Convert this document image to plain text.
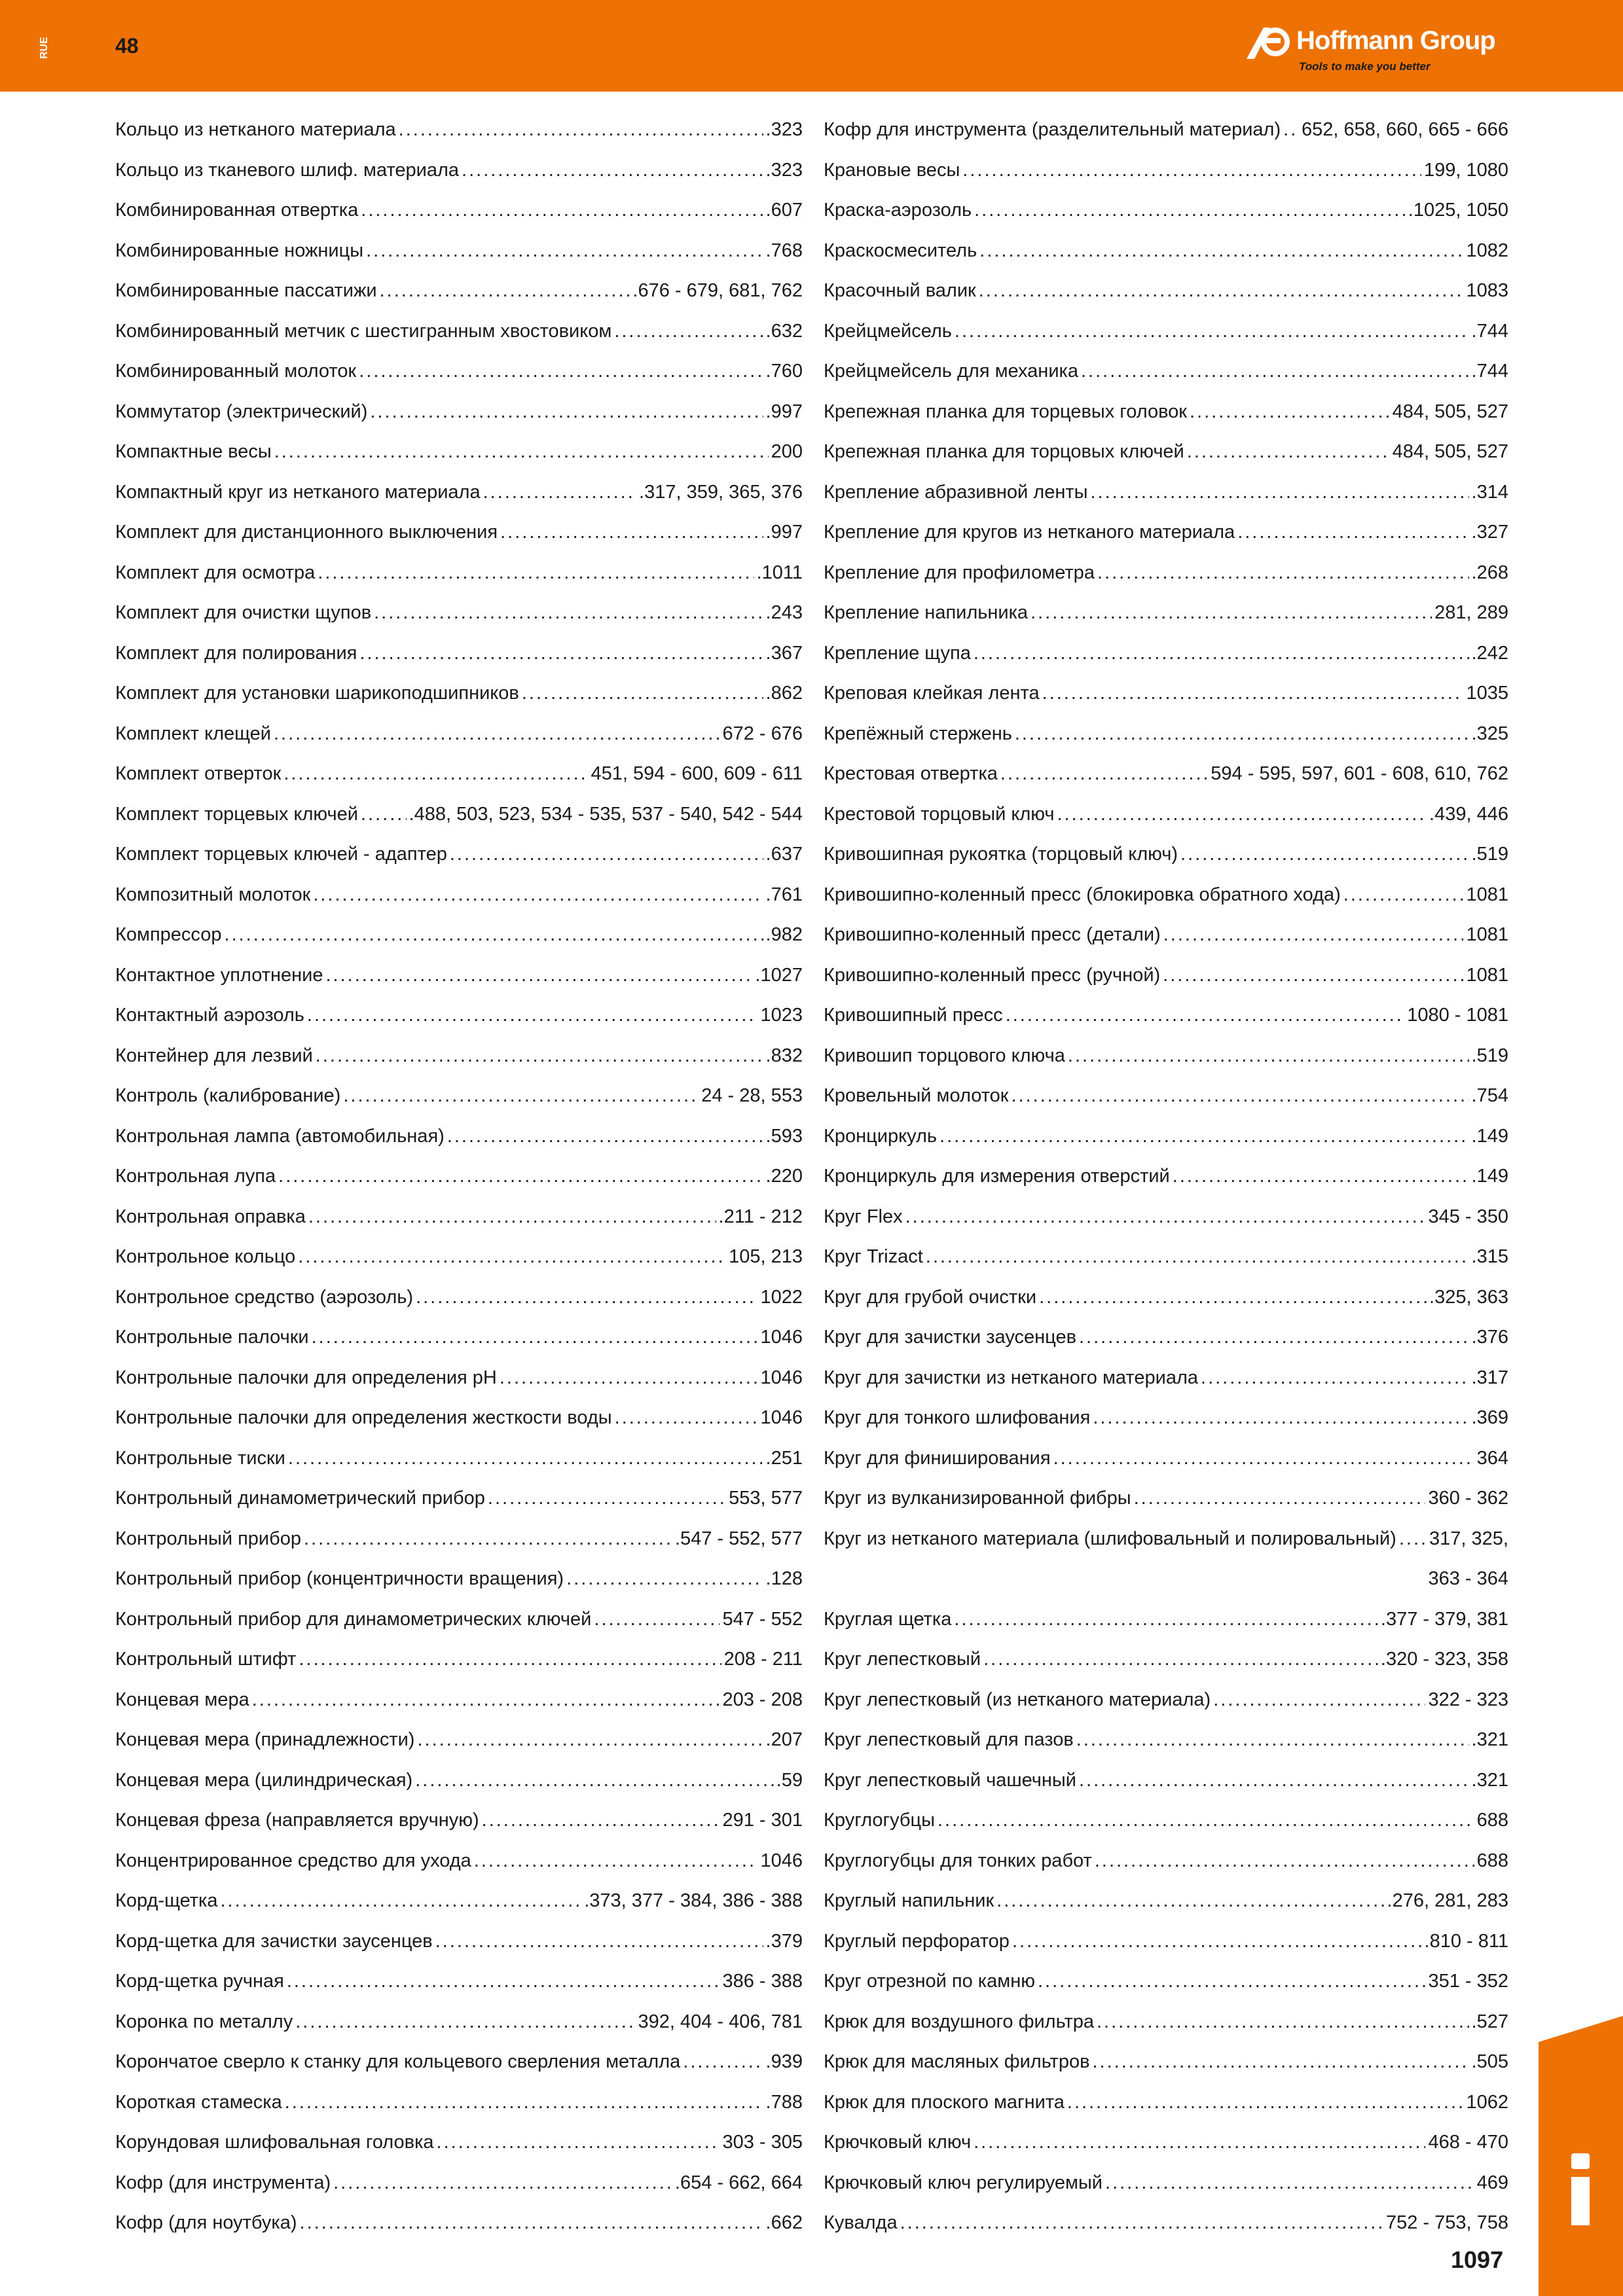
RUE	48	Hoffmann Group
Tools to make you better
Кольцо из нетканого материала .....	.323
Кольцо из тканевого шлиф. материала .....	.323
Комбинированная отвертка .....	.607
Комбинированные ножницы .....	.768
Комбинированные пассатижи .....	.676 - 679, 681, 762
Комбинированный метчик с шестигранным хвостовиком .....	.632
Комбинированный молоток .....	.760
Коммутатор (электрический) .....	.997
Компактные весы .....	200
Компактный круг из нетканого материала .....	.317, 359, 365, 376
Комплект для дистанционного выключения .....	.997
Комплект для осмотра .....	.1011
Комплект для очистки щупов .....	.243
Комплект для полирования .....	.367
Комплект для установки шарикоподшипников .....	.862
Комплект клещей .....	672 - 676
Комплект отверток .....	451, 594 - 600, 609 - 611
Комплект торцевых ключей .....	.488, 503, 523, 534 - 535, 537 - 540, 542 - 544
Комплект торцевых ключей - адаптер .....	.637
Композитный молоток .....	.761
Компрессор .....	.982
Контактное уплотнение .....	.1027
Контактный аэрозоль .....	1023
Контейнер для лезвий .....	.832
Контроль (калибрование) .....	24 - 28, 553
Контрольная лампа (автомобильная) .....	.593
Контрольная лупа .....	.220
Контрольная оправка .....	.211 - 212
Контрольное кольцо .....	105, 213
Контрольное средство (аэрозоль) .....	1022
Контрольные палочки .....	1046
Контрольные палочки для определения pH .....	1046
Контрольные палочки для определения жесткости воды .....	1046
Контрольные тиски .....	.251
Контрольный динамометрический прибор .....	553, 577
Контрольный прибор .....	.547 - 552, 577
Контрольный прибор (концентричности вращения) .....	.128
Контрольный прибор для динамометрических ключей .....	547 - 552
Контрольный штифт .....	208 - 211
Концевая мера .....	203 - 208
Концевая мера (принадлежности) .....	.207
Концевая мера (цилиндрическая) .....	.59
Концевая фреза (направляется вручную) .....	291 - 301
Концентрированное средство для ухода .....	1046
Корд-щетка .....	.373, 377 - 384, 386 - 388
Корд-щетка для зачистки заусенцев .....	.379
Корд-щетка ручная .....	386 - 388
Коронка по металлу .....	392, 404 - 406, 781
Корончатое сверло к станку для кольцевого сверления металла .....	.939
Короткая стамеска .....	.788
Корундовая шлифовальная головка .....	303 - 305
Кофр (для инструмента) .....	.654 - 662, 664
Кофр (для ноутбука) .....	.662
Кофр для инструмента (разделительный материал) ..... 652, 658, 660, 665 - 666
Крановые весы .....	199, 1080
Краска-аэрозоль .....	.1025, 1050
Краскосмеситель .....	1082
Красочный валик .....	1083
Крейцмейсель .....	.744
Крейцмейсель для механика .....	.744
Крепежная планка для торцевых головок .....	484, 505, 527
Крепежная планка для торцовых ключей .....	484, 505, 527
Крепление абразивной ленты .....	.314
Крепление для кругов из нетканого материала .....	.327
Крепление для профилометра .....	.268
Крепление напильника .....	281, 289
Крепление щупа .....	.242
Креповая клейкая лента .....	1035
Крепёжный стержень .....	.325
Крестовая отвертка .....	594 - 595, 597, 601 - 608, 610, 762
Крестовой торцовый ключ .....	.439, 446
Кривошипная рукоятка (торцовый ключ) .....	.519
Кривошипно-коленный пресс (блокировка обратного хода) .....	1081
Кривошипно-коленный пресс (детали) .....	1081
Кривошипно-коленный пресс (ручной) .....	1081
Кривошипный пресс .....	1080 - 1081
Кривошип торцового ключа .....	.519
Кровельный молоток .....	.754
Кронциркуль .....	.149
Кронциркуль для измерения отверстий .....	.149
Круг Flex .....	345 - 350
Круг Trizact .....	.315
Круг для грубой очистки .....	.325, 363
Круг для зачистки заусенцев .....	.376
Круг для зачистки из нетканого материала .....	.317
Круг для тонкого шлифования .....	.369
Круг для финиширования .....	364
Круг из вулканизированной фибры .....	360 - 362
Круг из нетканого материала (шлифовальный и полировальный) ..... 317, 325,
363 - 364
Круглая щетка .....	.377 - 379, 381
Круг лепестковый .....	.320 - 323, 358
Круг лепестковый (из нетканого материала) .....	322 - 323
Круг лепестковый для пазов .....	.321
Круг лепестковый чашечный .....	.321
Круглогубцы .....	688
Круглогубцы для тонких работ .....	688
Круглый напильник .....	.276, 281, 283
Круглый перфоратор .....	.810 - 811
Круг отрезной по камню .....	351 - 352
Крюк для воздушного фильтра .....	.527
Крюк для масляных фильтров .....	.505
Крюк для плоского магнита .....	1062
Крючковый ключ .....	468 - 470
Крючковый ключ регулируемый .....	469
Кувалда .....	752 - 753, 758
1097
